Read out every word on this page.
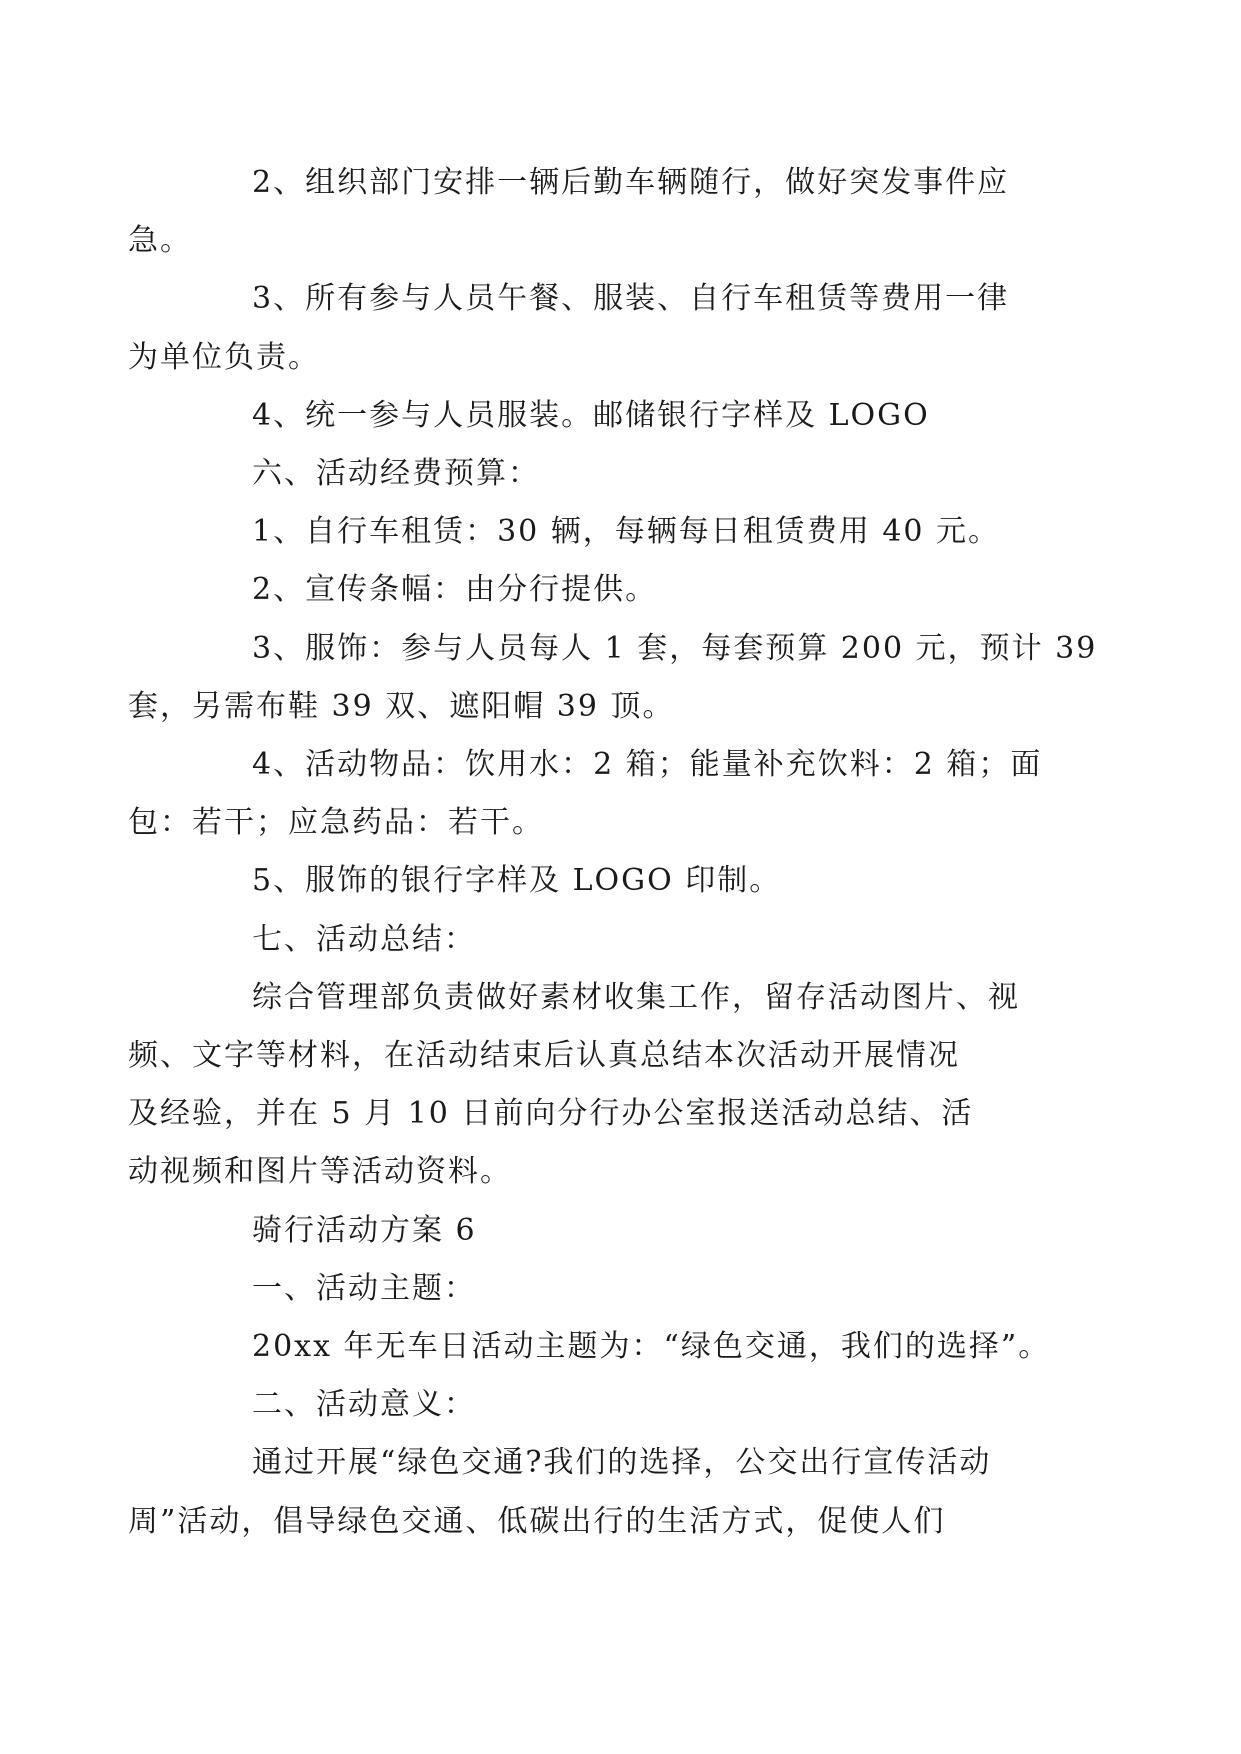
2、组织部门安排一辆后勤车辆随行，做好突发事件应
急。
3、所有参与人员午餐、服装、自行车租赁等费用一律
为单位负责。
4、统一参与人员服装。邮储银行字样及 LOGO
六、活动经费预算：
1、自行车租赁：30 辆，每辆每日租赁费用 40 元。
2、宣传条幅：由分行提供。
3、服饰：参与人员每人 1 套，每套预算 200 元，预计 39
套，另需布鞋 39 双、遮阳帽 39 顶。
4、活动物品：饮用水：2 箱；能量补充饮料：2 箱；面
包：若干；应急药品：若干。
5、服饰的银行字样及 LOGO 印制。
七、活动总结：
综合管理部负责做好素材收集工作，留存活动图片、视
频、文字等材料，在活动结束后认真总结本次活动开展情况
及经验，并在 5 月 10 日前向分行办公室报送活动总结、活
动视频和图片等活动资料。
骑行活动方案 6
一、活动主题：
20xx 年无车日活动主题为：“绿色交通，我们的选择”。
二、活动意义：
通过开展“绿色交通?我们的选择，公交出行宣传活动
周”活动，倡导绿色交通、低碳出行的生活方式，促使人们
